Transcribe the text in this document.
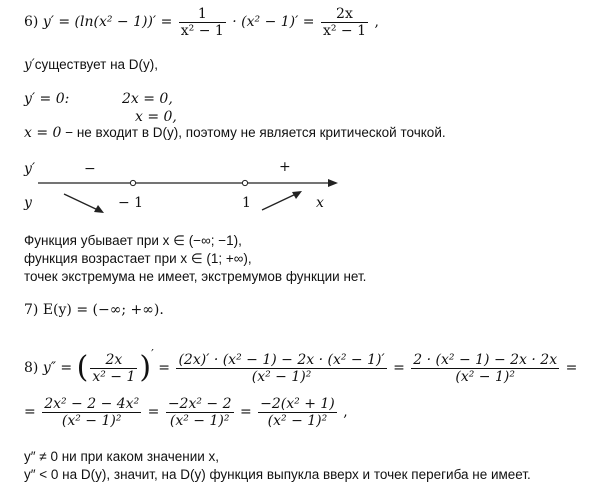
6) $y' = (\ln(x^2 - 1))' = \frac{1}{\text{x² − 1}} \cdot (x^2 - 1)' = \frac{2x}{\text{x² − 1}}$ ,
y′существует на D(y),
y′ = 0:	2x = 0,
x = 0,
x = 0 − не входит в D(y), поэтому не является критической точкой.
y′	−	+
y	− 1	1	x
Функция убывает при x ∈ (−∞; −1),
функция возрастает при x ∈ (1; +∞),
точек экстремума не имеет, экстремумов функции нет.
7) E(y) = (−∞; +∞).
8) y″ = ( $\frac{2x}{\text{x² − 1}}$ )′ = $\frac{\text{(2x)′ · (x² − 1) − 2x · (x² − 1)′}}{\text{(x² − 1)²}} = \frac{\text{2 · (x² − 1) − 2x · 2x}}{\text{(x² − 1)²}}$ =
= $\frac{\text{2x² − 2 − 4x²}}{\text{(x² − 1)²}} = \frac{\text{−2x² − 2}}{\text{(x² − 1)²}} = \frac{\text{−2(x² + 1)}}{\text{(x² − 1)²}}$ ,
y″ ≠ 0 ни при каком значении x,
y″ < 0 на D(y), значит, на D(y) функция выпукла вверх и точек перегиба не имеет.
